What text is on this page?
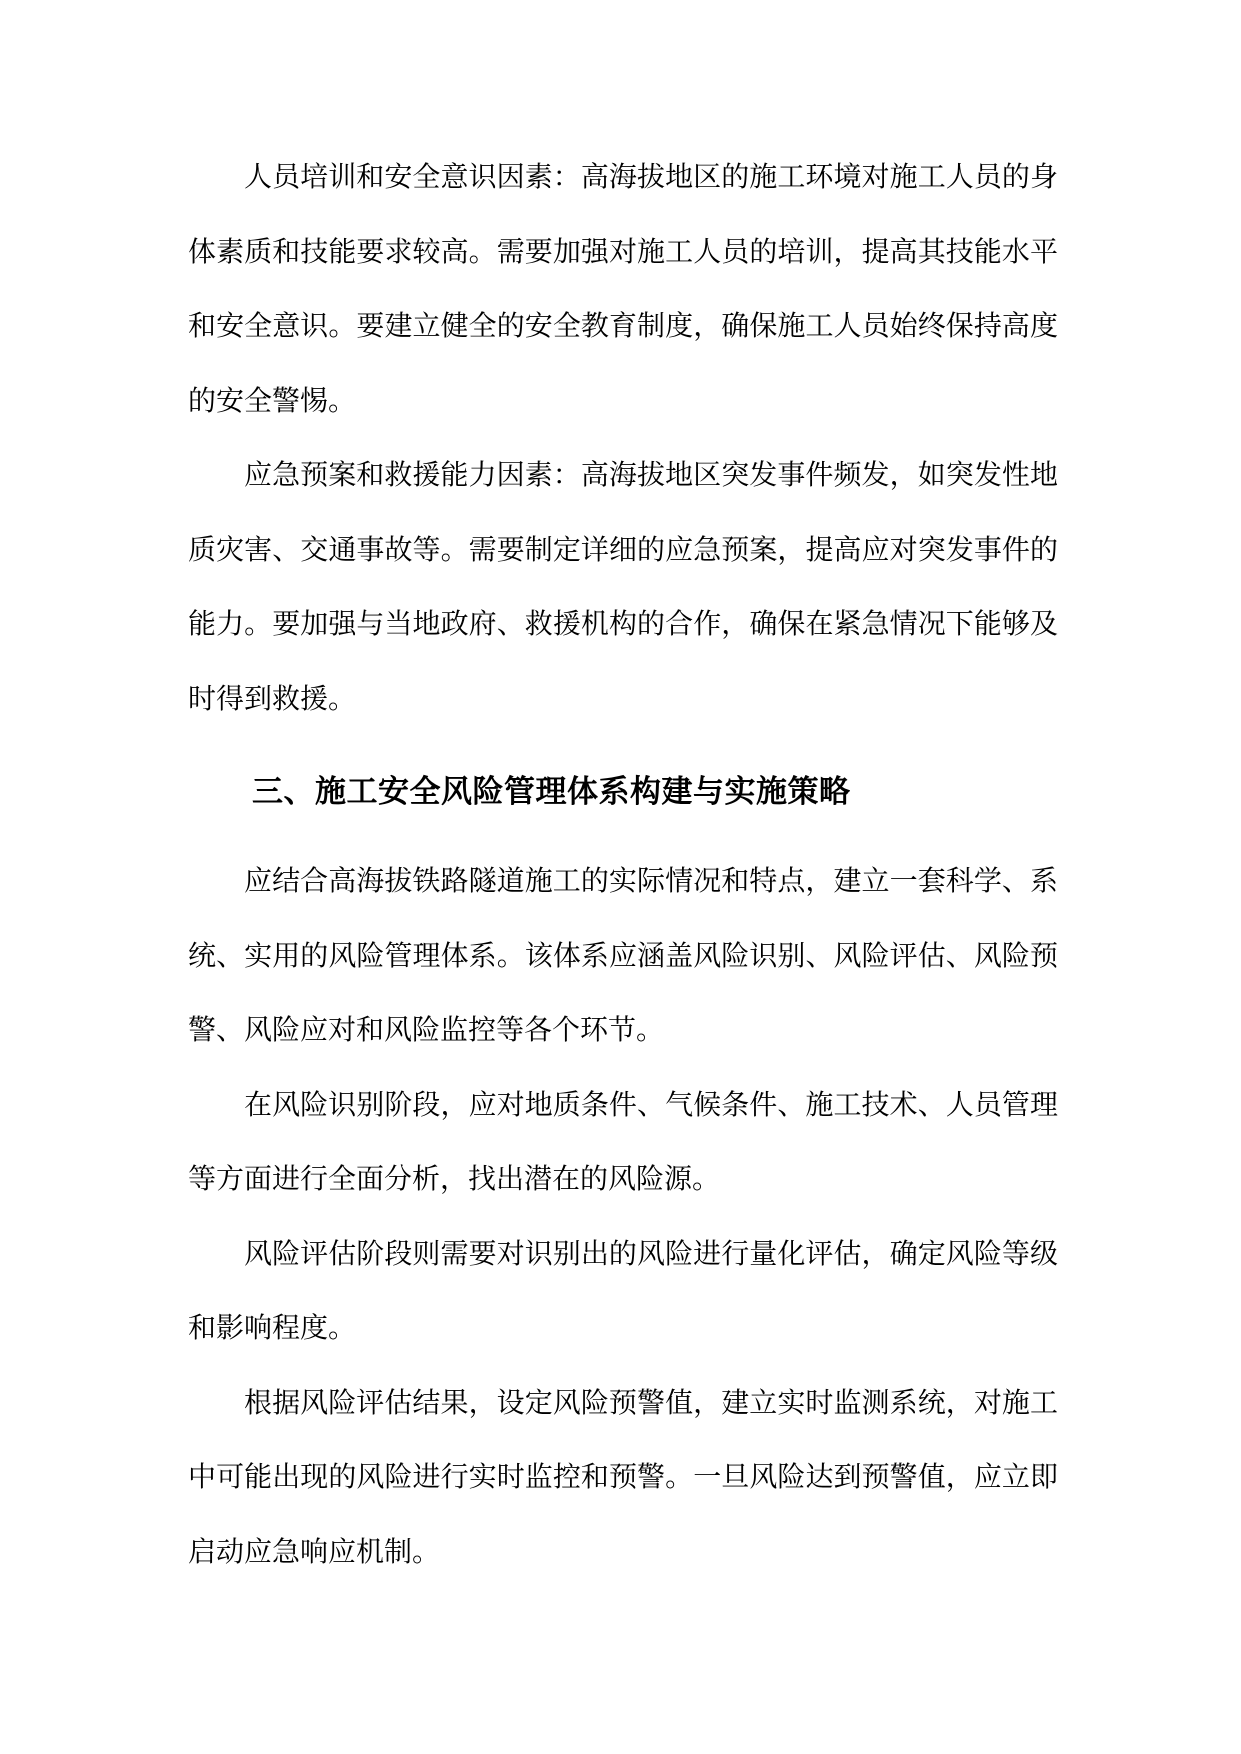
人员培训和安全意识因素：高海拔地区的施工环境对施工人员的身体素质和技能要求较高。需要加强对施工人员的培训，提高其技能水平和安全意识。要建立健全的安全教育制度，确保施工人员始终保持高度的安全警惕。

应急预案和救援能力因素：高海拔地区突发事件频发，如突发性地质灾害、交通事故等。需要制定详细的应急预案，提高应对突发事件的能力。要加强与当地政府、救援机构的合作，确保在紧急情况下能够及时得到救援。

三、施工安全风险管理体系构建与实施策略

应结合高海拔铁路隧道施工的实际情况和特点，建立一套科学、系统、实用的风险管理体系。该体系应涵盖风险识别、风险评估、风险预警、风险应对和风险监控等各个环节。

在风险识别阶段，应对地质条件、气候条件、施工技术、人员管理等方面进行全面分析，找出潜在的风险源。

风险评估阶段则需要对识别出的风险进行量化评估，确定风险等级和影响程度。

根据风险评估结果，设定风险预警值，建立实时监测系统，对施工中可能出现的风险进行实时监控和预警。一旦风险达到预警值，应立即启动应急响应机制。
